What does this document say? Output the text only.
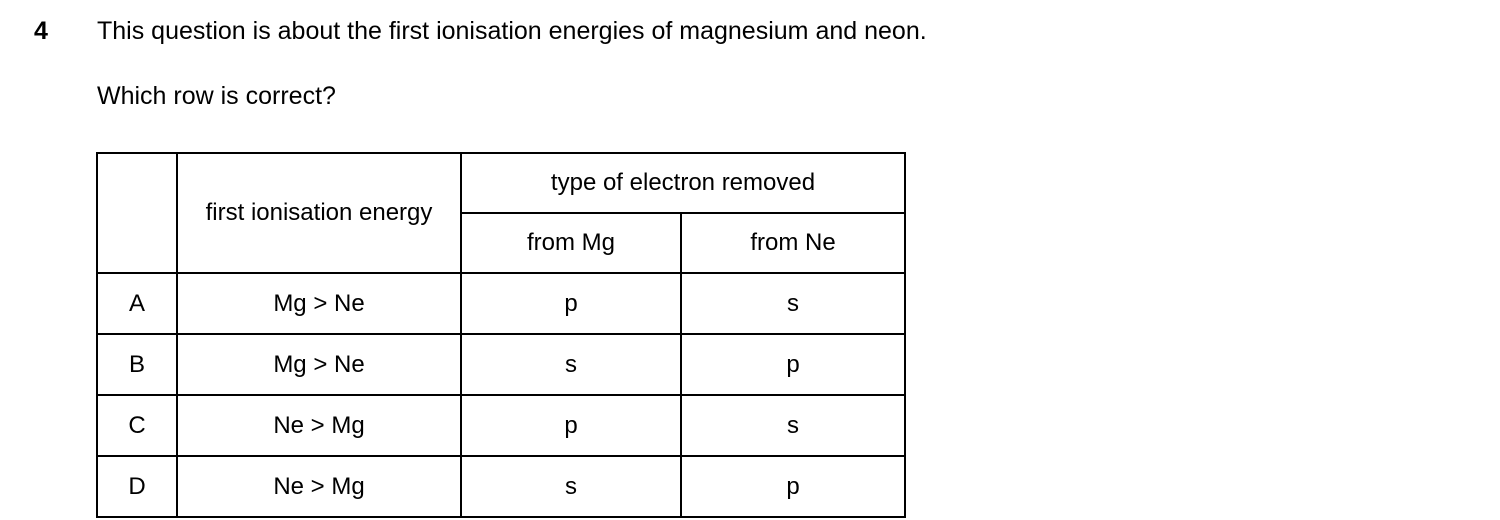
4 This question is about the first ionisation energies of magnesium and neon.
Which row is correct?
	first ionisation energy	type of electron removed	
		from Mg	from Ne
A	Mg > Ne	p	s
B	Mg > Ne	s	p
C	Ne > Mg	p	s
D	Ne > Mg	s	p
